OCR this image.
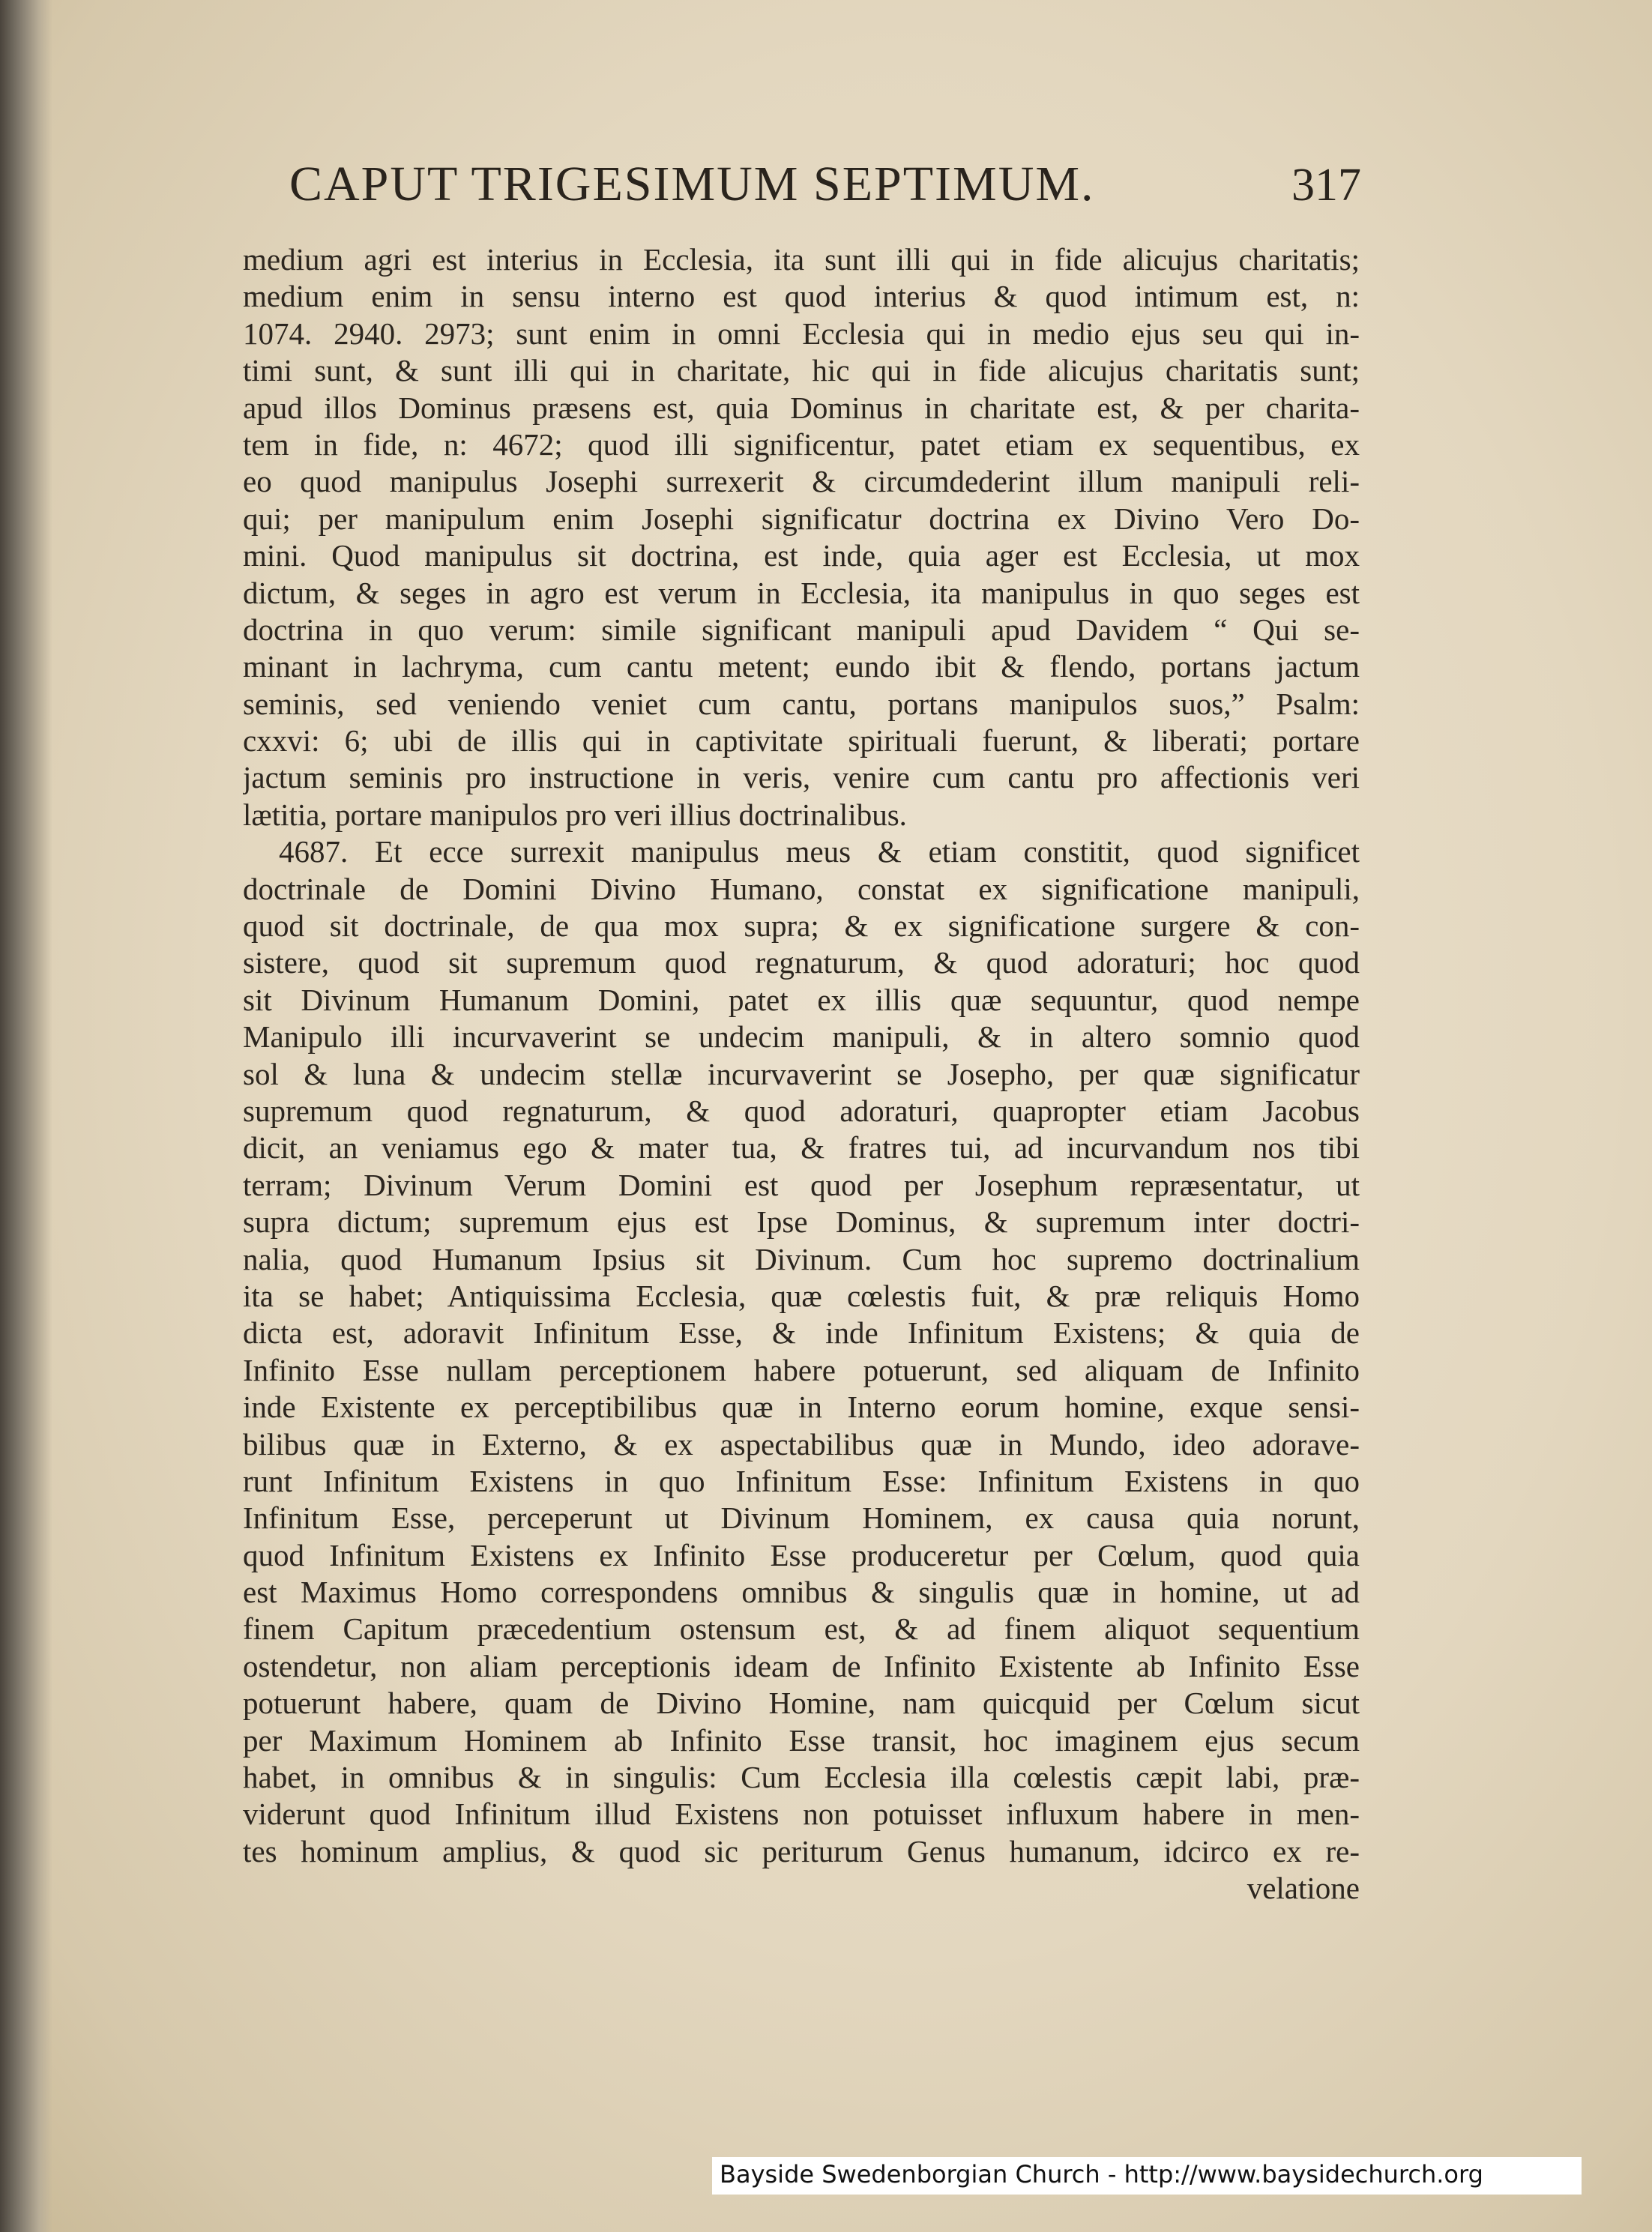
CAPUT TRIGESIMUM SEPTIMUM.	317
medium agri est interius in Ecclesia, ita sunt illi qui in fide alicujus charitatis;
medium enim in sensu interno est quod interius & quod intimum est, n:
1074. 2940. 2973; sunt enim in omni Ecclesia qui in medio ejus seu qui in-
timi sunt, & sunt illi qui in charitate, hic qui in fide alicujus charitatis sunt;
apud illos Dominus præsens est, quia Dominus in charitate est, & per charita-
tem in fide, n: 4672; quod illi significentur, patet etiam ex sequentibus, ex
eo quod manipulus Josephi surrexerit & circumdederint illum manipuli reli-
qui; per manipulum enim Josephi significatur doctrina ex Divino Vero Do-
mini. Quod manipulus sit doctrina, est inde, quia ager est Ecclesia, ut mox
dictum, & seges in agro est verum in Ecclesia, ita manipulus in quo seges est
doctrina in quo verum: simile significant manipuli apud Davidem “ Qui se-
minant in lachryma, cum cantu metent; eundo ibit & flendo, portans jactum
seminis, sed veniendo veniet cum cantu, portans manipulos suos,” Psalm:
cxxvi: 6; ubi de illis qui in captivitate spirituali fuerunt, & liberati; portare
jactum seminis pro instructione in veris, venire cum cantu pro affectionis veri
lætitia, portare manipulos pro veri illius doctrinalibus.
4687. Et ecce surrexit manipulus meus & etiam constitit, quod significet
doctrinale de Domini Divino Humano, constat ex significatione manipuli,
quod sit doctrinale, de qua mox supra; & ex significatione surgere & con-
sistere, quod sit supremum quod regnaturum, & quod adoraturi; hoc quod
sit Divinum Humanum Domini, patet ex illis quæ sequuntur, quod nempe
Manipulo illi incurvaverint se undecim manipuli, & in altero somnio quod
sol & luna & undecim stellæ incurvaverint se Josepho, per quæ significatur
supremum quod regnaturum, & quod adoraturi, quapropter etiam Jacobus
dicit, an veniamus ego & mater tua, & fratres tui, ad incurvandum nos tibi
terram; Divinum Verum Domini est quod per Josephum repræsentatur, ut
supra dictum; supremum ejus est Ipse Dominus, & supremum inter doctri-
nalia, quod Humanum Ipsius sit Divinum. Cum hoc supremo doctrinalium
ita se habet; Antiquissima Ecclesia, quæ cœlestis fuit, & præ reliquis Homo
dicta est, adoravit Infinitum Esse, & inde Infinitum Existens; & quia de
Infinito Esse nullam perceptionem habere potuerunt, sed aliquam de Infinito
inde Existente ex perceptibilibus quæ in Interno eorum homine, exque sensi-
bilibus quæ in Externo, & ex aspectabilibus quæ in Mundo, ideo adorave-
runt Infinitum Existens in quo Infinitum Esse: Infinitum Existens in quo
Infinitum Esse, perceperunt ut Divinum Hominem, ex causa quia norunt,
quod Infinitum Existens ex Infinito Esse produceretur per Cœlum, quod quia
est Maximus Homo correspondens omnibus & singulis quæ in homine, ut ad
finem Capitum præcedentium ostensum est, & ad finem aliquot sequentium
ostendetur, non aliam perceptionis ideam de Infinito Existente ab Infinito Esse
potuerunt habere, quam de Divino Homine, nam quicquid per Cœlum sicut
per Maximum Hominem ab Infinito Esse transit, hoc imaginem ejus secum
habet, in omnibus & in singulis: Cum Ecclesia illa cœlestis cæpit labi, præ-
viderunt quod Infinitum illud Existens non potuisset influxum habere in men-
tes hominum amplius, & quod sic periturum Genus humanum, idcirco ex re-
velatione
Bayside Swedenborgian Church - http://www.baysidechurch.org
